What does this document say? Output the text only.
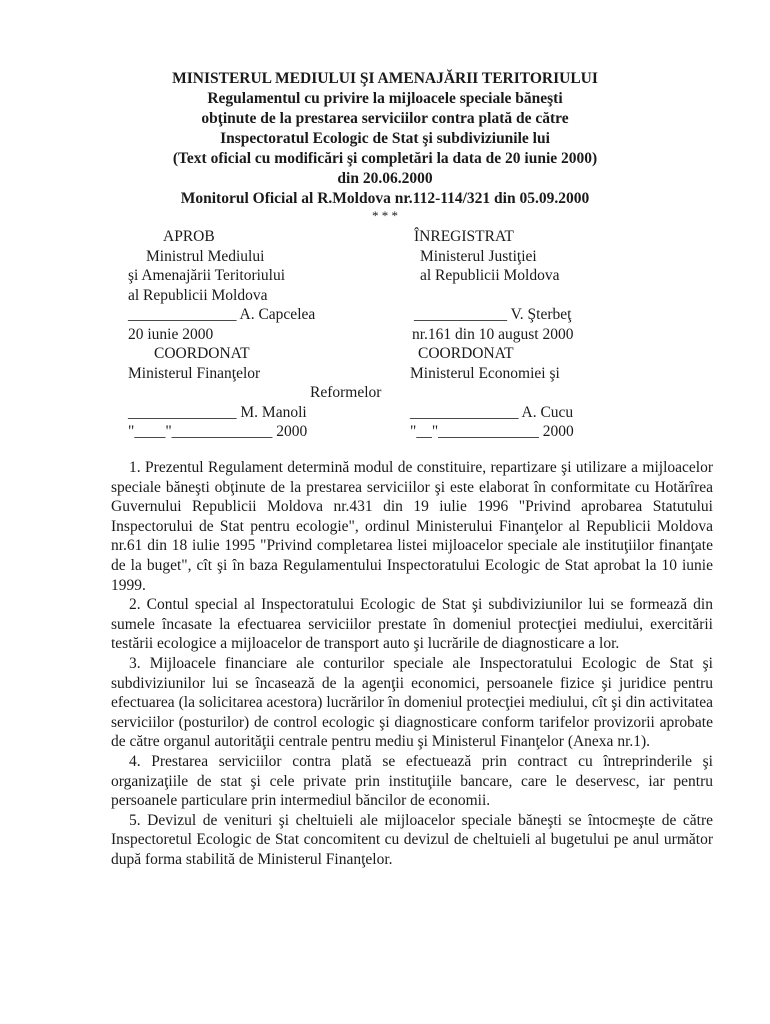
MINISTERUL MEDIULUI ŞI AMENAJĂRII TERITORIULUI
Regulamentul cu privire la mijloacele speciale băneşti
obţinute de la prestarea serviciilor contra plată de către
Inspectoratul Ecologic de Stat şi subdiviziunile lui
(Text oficial cu modificări şi completări la data de 20 iunie 2000)
din 20.06.2000
Monitorul Oficial al R.Moldova nr.112-114/321 din 05.09.2000
* * *
APROB
Ministrul Mediului
şi Amenajării Teritoriului
al Republicii Moldova
______________ A. Capcelea
20 iunie 2000
COORDONAT
Ministerul Finanţelor
______________ M. Manoli
"____"_____________ 2000
ÎNREGISTRAT
Ministerul Justiţiei
al Republicii Moldova
____________ V. Şterbeţ
nr.161 din 10 august 2000
COORDONAT
Ministerul Economiei şi
Reformelor
______________ A. Cucu
"__"_____________ 2000

1. Prezentul Regulament determină modul de constituire, repartizare şi utilizare a mijloacelor speciale băneşti obţinute de la prestarea serviciilor şi este elaborat în conformitate cu Hotărîrea Guvernului Republicii Moldova nr.431 din 19 iulie 1996 "Privind aprobarea Statutului Inspectorului de Stat pentru ecologie", ordinul Ministerului Finanţelor al Republicii Moldova nr.61 din 18 iulie 1995 "Privind completarea listei mijloacelor speciale ale instituţiilor finanţate de la buget", cît şi în baza Regulamentului Inspectoratului Ecologic de Stat aprobat la 10 iunie 1999.

2. Contul special al Inspectoratului Ecologic de Stat şi subdiviziunilor lui se formează din sumele încasate la efectuarea serviciilor prestate în domeniul protecţiei mediului, exercitării testării ecologice a mijloacelor de transport auto şi lucrările de diagnosticare a lor.

3. Mijloacele financiare ale conturilor speciale ale Inspectoratului Ecologic de Stat şi subdiviziunilor lui se încasează de la agenţii economici, persoanele fizice şi juridice pentru efectuarea (la solicitarea acestora) lucrărilor în domeniul protecţiei mediului, cît şi din activitatea serviciilor (posturilor) de control ecologic şi diagnosticare conform tarifelor provizorii aprobate de către organul autorităţii centrale pentru mediu şi Ministerul Finanţelor (Anexa nr.1).

4. Prestarea serviciilor contra plată se efectuează prin contract cu întreprinderile şi organizaţiile de stat şi cele private prin instituţiile bancare, care le deservesc, iar pentru persoanele particulare prin intermediul băncilor de economii.

5. Devizul de venituri şi cheltuieli ale mijloacelor speciale băneşti se întocmeşte de către Inspectoretul Ecologic de Stat concomitent cu devizul de cheltuieli al bugetului pe anul următor după forma stabilită de Ministerul Finanţelor.
